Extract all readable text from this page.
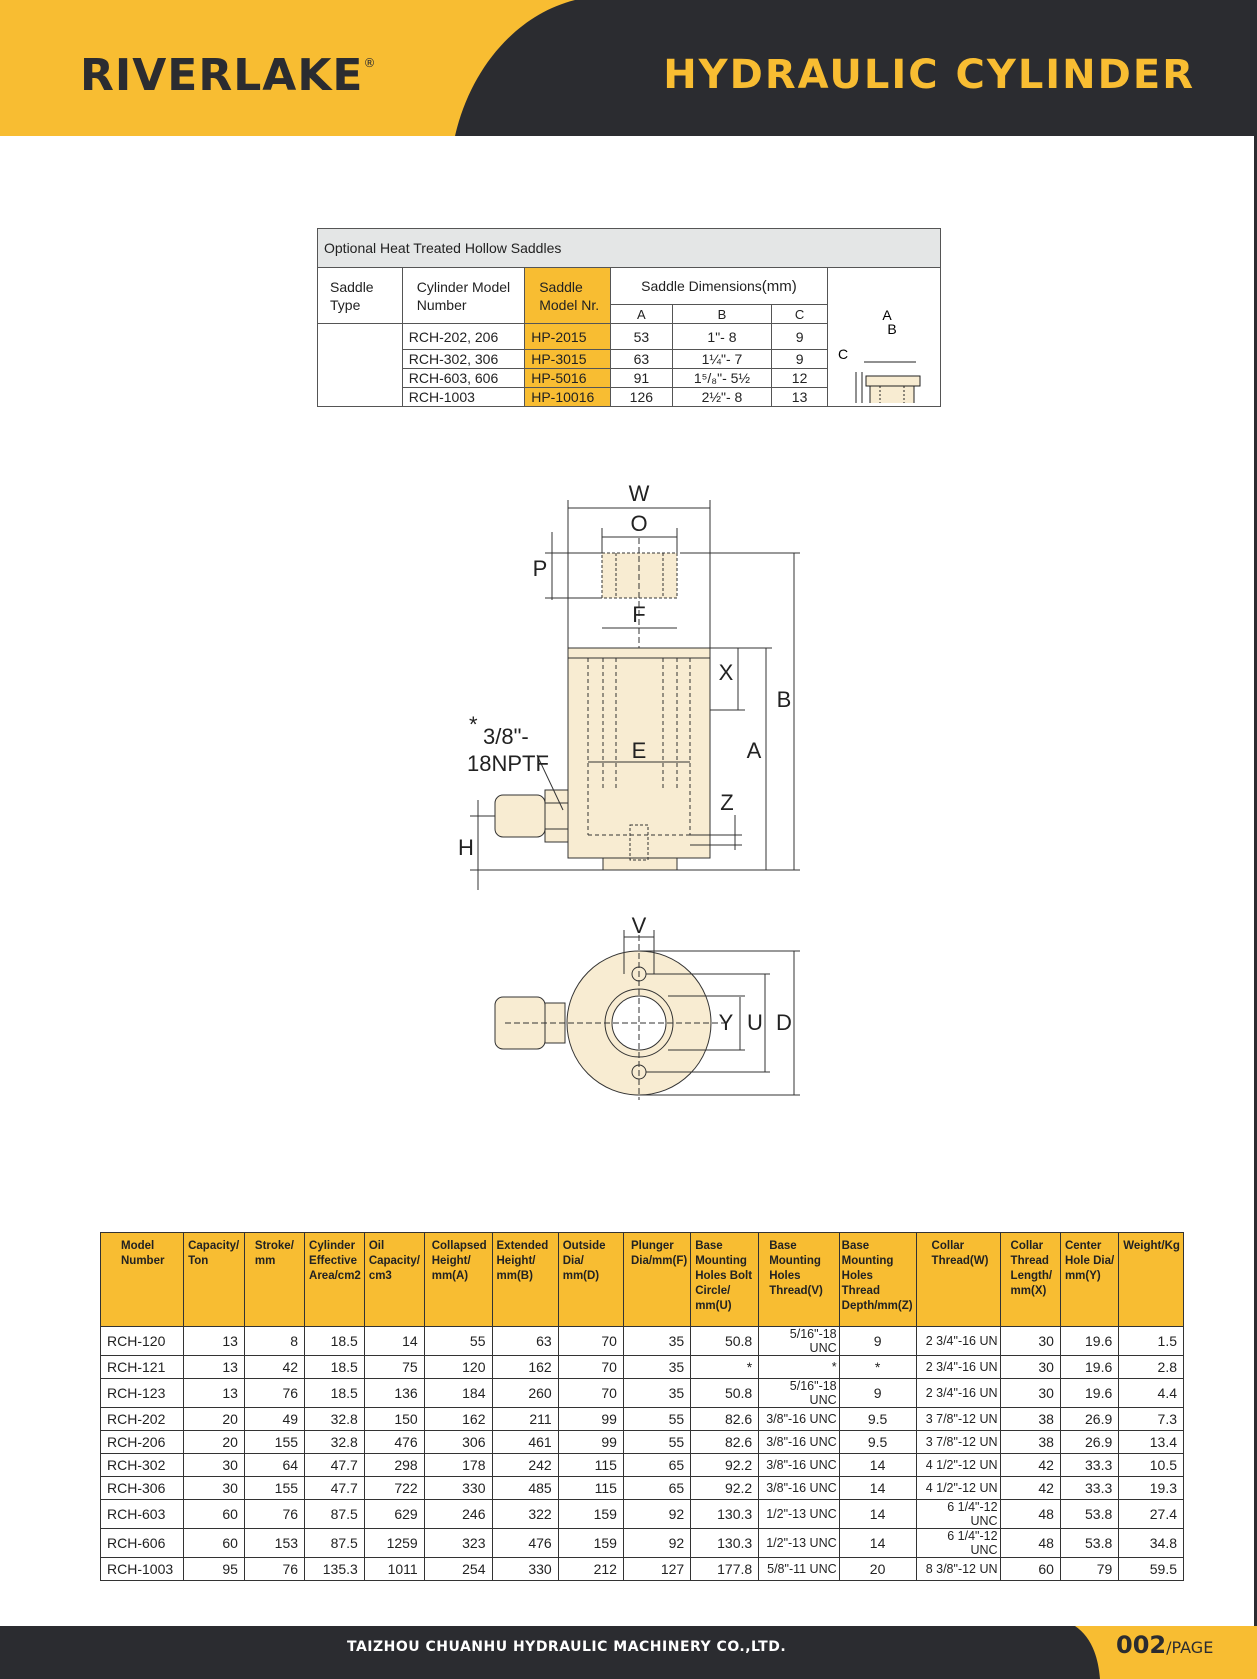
RIVERLAKE®	HYDRAULIC CYLINDER
Optional Heat Treated Hollow Saddles						
Saddle Type	Cylinder Model Number	Saddle Model Nr.	Saddle Dimensions(mm)	
			A	B	C	
	RCH-202, 206	HP-2015	53	1"- 8	9	
	RCH-302, 306	HP-3015	63	1¼"- 7	9	
	RCH-603, 606	HP-5016	91	1⁵/₈"- 5½	12	
	RCH-1003	HP-10016	126	2½"- 8	13	
A
B
C
W
O
P
F
X
B
A
E
Z
H
* 3/8"-
18NPTF
V
Y U D
Model Number	Capacity/ Ton	Stroke/ mm	Cylinder Effective Area/cm2	Oil Capacity/ cm3	Collapsed Height/ mm(A)	Extended Height/ mm(B)	Outside Dia/ mm(D)	Plunger Dia/mm(F)	Base Mounting Holes Bolt Circle/ mm(U)	Base Mounting Holes Thread(V)	Base Mounting Holes Thread Depth/mm(Z)	Collar Thread(W)	Collar Thread Length/ mm(X)	Center Hole Dia/ mm(Y)	Weight/Kg
RCH-120	13	8	18.5	14	55	63	70	35	50.8	5/16"-18 UNC	9	2 3/4"-16 UN	30	19.6	1.5
RCH-121	13	42	18.5	75	120	162	70	35	*	*	*	2 3/4"-16 UN	30	19.6	2.8
RCH-123	13	76	18.5	136	184	260	70	35	50.8	5/16"-18 UNC	9	2 3/4"-16 UN	30	19.6	4.4
RCH-202	20	49	32.8	150	162	211	99	55	82.6	3/8"-16 UNC	9.5	3 7/8"-12 UN	38	26.9	7.3
RCH-206	20	155	32.8	476	306	461	99	55	82.6	3/8"-16 UNC	9.5	3 7/8"-12 UN	38	26.9	13.4
RCH-302	30	64	47.7	298	178	242	115	65	92.2	3/8"-16 UNC	14	4 1/2"-12 UN	42	33.3	10.5
RCH-306	30	155	47.7	722	330	485	115	65	92.2	3/8"-16 UNC	14	4 1/2"-12 UN	42	33.3	19.3
RCH-603	60	76	87.5	629	246	322	159	92	130.3	1/2"-13 UNC	14	6 1/4"-12 UNC	48	53.8	27.4
RCH-606	60	153	87.5	1259	323	476	159	92	130.3	1/2"-13 UNC	14	6 1/4"-12 UNC	48	53.8	34.8
RCH-1003	95	76	135.3	1011	254	330	212	127	177.8	5/8"-11 UNC	20	8 3/8"-12 UN	60	79	59.5
TAIZHOU CHUANHU HYDRAULIC MACHINERY CO.,LTD.	002/PAGE
